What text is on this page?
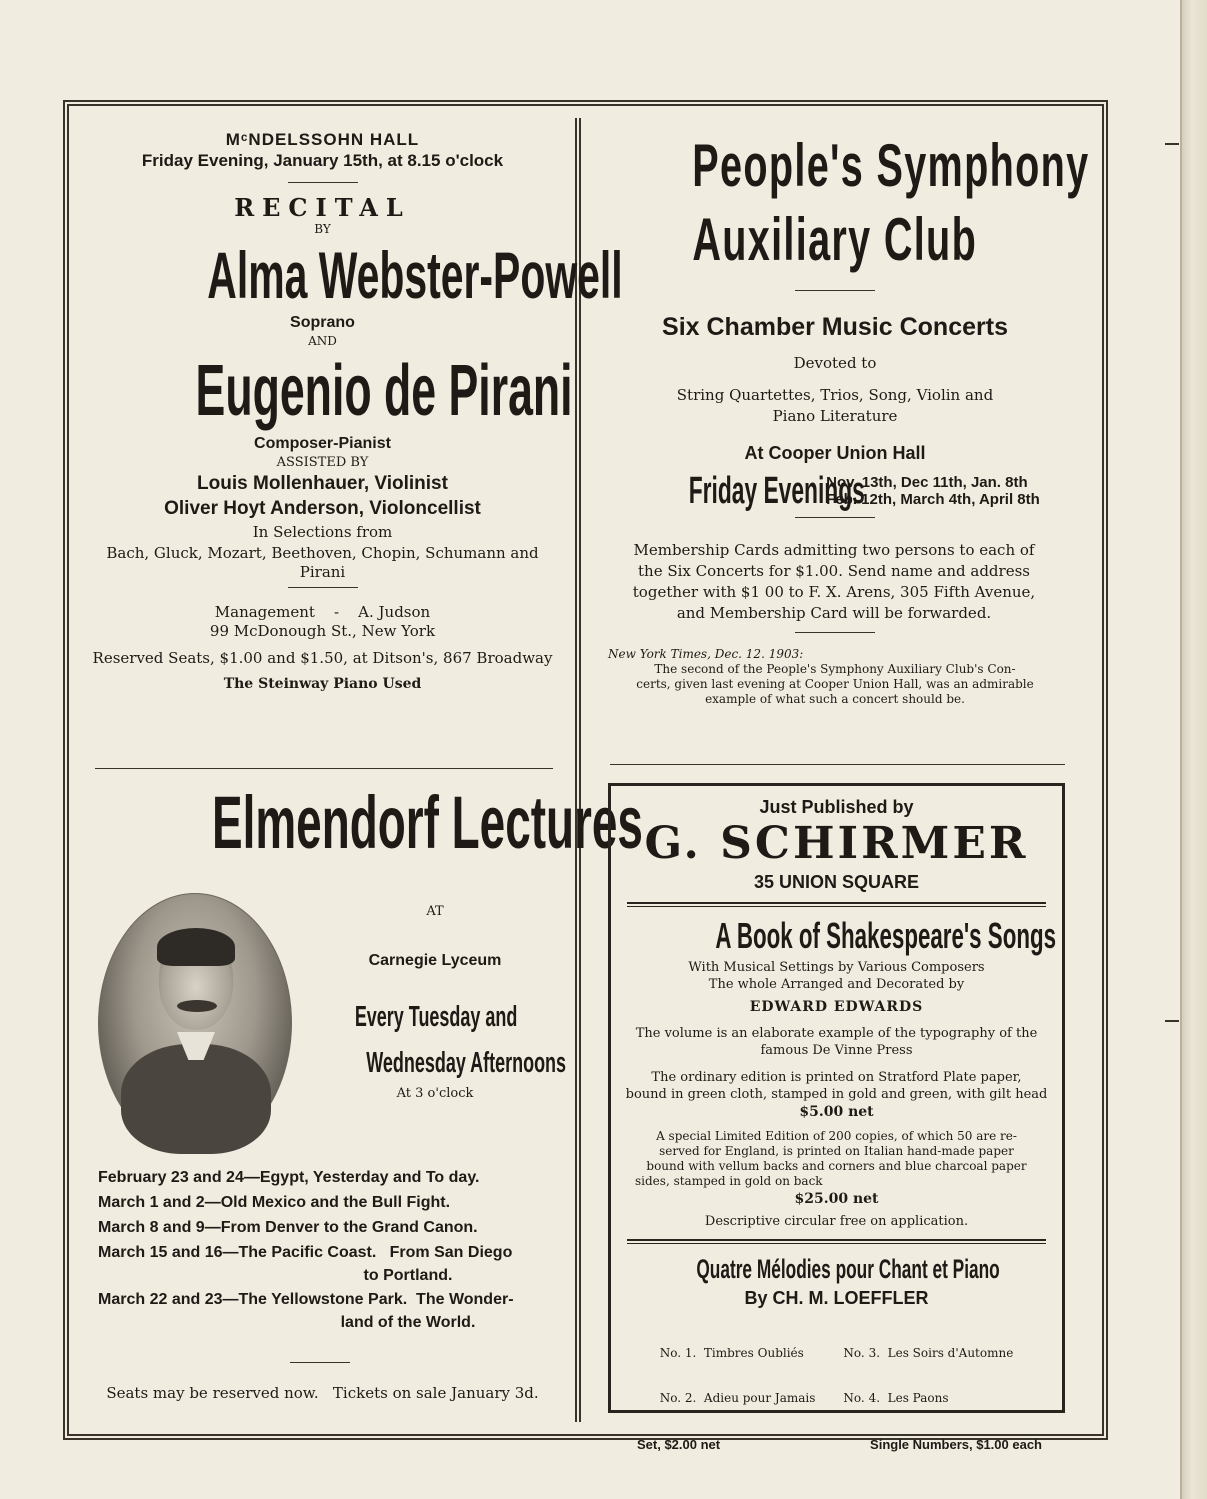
MᶜNDELSSOHN HALL
Friday Evening, January 15th, at 8.15 o'clock
RECITAL
BY
Alma Webster-Powell
Soprano
AND
Eugenio de Pirani
Composer-Pianist
ASSISTED BY
Louis Mollenhauer, Violinist
Oliver Hoyt Anderson, Violoncellist
In Selections from
Bach, Gluck, Mozart, Beethoven, Chopin, Schumann and
Pirani
Management    -    A. Judson
99 McDonough St., New York
Reserved Seats, $1.00 and $1.50, at Ditson's, 867 Broadway
The Steinway Piano Used
Elmendorf Lectures
AT
Carnegie Lyceum
Every Tuesday and
Wednesday Afternoons
At 3 o'clock
February 23 and 24—Egypt, Yesterday and To day.
March 1 and 2—Old Mexico and the Bull Fight.
March 8 and 9—From Denver to the Grand Canon.
March 15 and 16—The Pacific Coast.   From San Diego
to Portland.
March 22 and 23—The Yellowstone Park.  The Wonder-
land of the World.
Seats may be reserved now.   Tickets on sale January 3d.
People's Symphony
Auxiliary Club
Six Chamber Music Concerts
Devoted to
String Quartettes, Trios, Song, Violin and
Piano Literature
At Cooper Union Hall
Friday Evenings
Nov. 13th, Dec 11th, Jan. 8th
Feb. 12th, March 4th, April 8th
Membership Cards admitting two persons to each of
the Six Concerts for $1.00. Send name and address
together with $1 00 to F. X. Arens, 305 Fifth Avenue,
and Membership Card will be forwarded.
New York Times, Dec. 12. 1903:
The second of the People's Symphony Auxiliary Club's Con-
certs, given last evening at Cooper Union Hall, was an admirable
example of what such a concert should be.
Just Published by
G. SCHIRMER
35 UNION SQUARE
A Book of Shakespeare's Songs
With Musical Settings by Various Composers
The whole Arranged and Decorated by
EDWARD EDWARDS
The volume is an elaborate example of the typography of the
famous De Vinne Press
The ordinary edition is printed on Stratford Plate paper,
bound in green cloth, stamped in gold and green, with gilt head
$5.00 net
A special Limited Edition of 200 copies, of which 50 are re-
served for England, is printed on Italian hand-made paper
bound with vellum backs and corners and blue charcoal paper
sides, stamped in gold on back
$25.00 net
Descriptive circular free on application.
Quatre Mélodies pour Chant et Piano
By CH. M. LOEFFLER

No. 1.  Timbres Oubliés

No. 2.  Adieu pour Jamais

No. 3.  Les Soirs d'Automne

No. 4.  Les Paons

Set, $2.00 net	Single Numbers, $1.00 each
